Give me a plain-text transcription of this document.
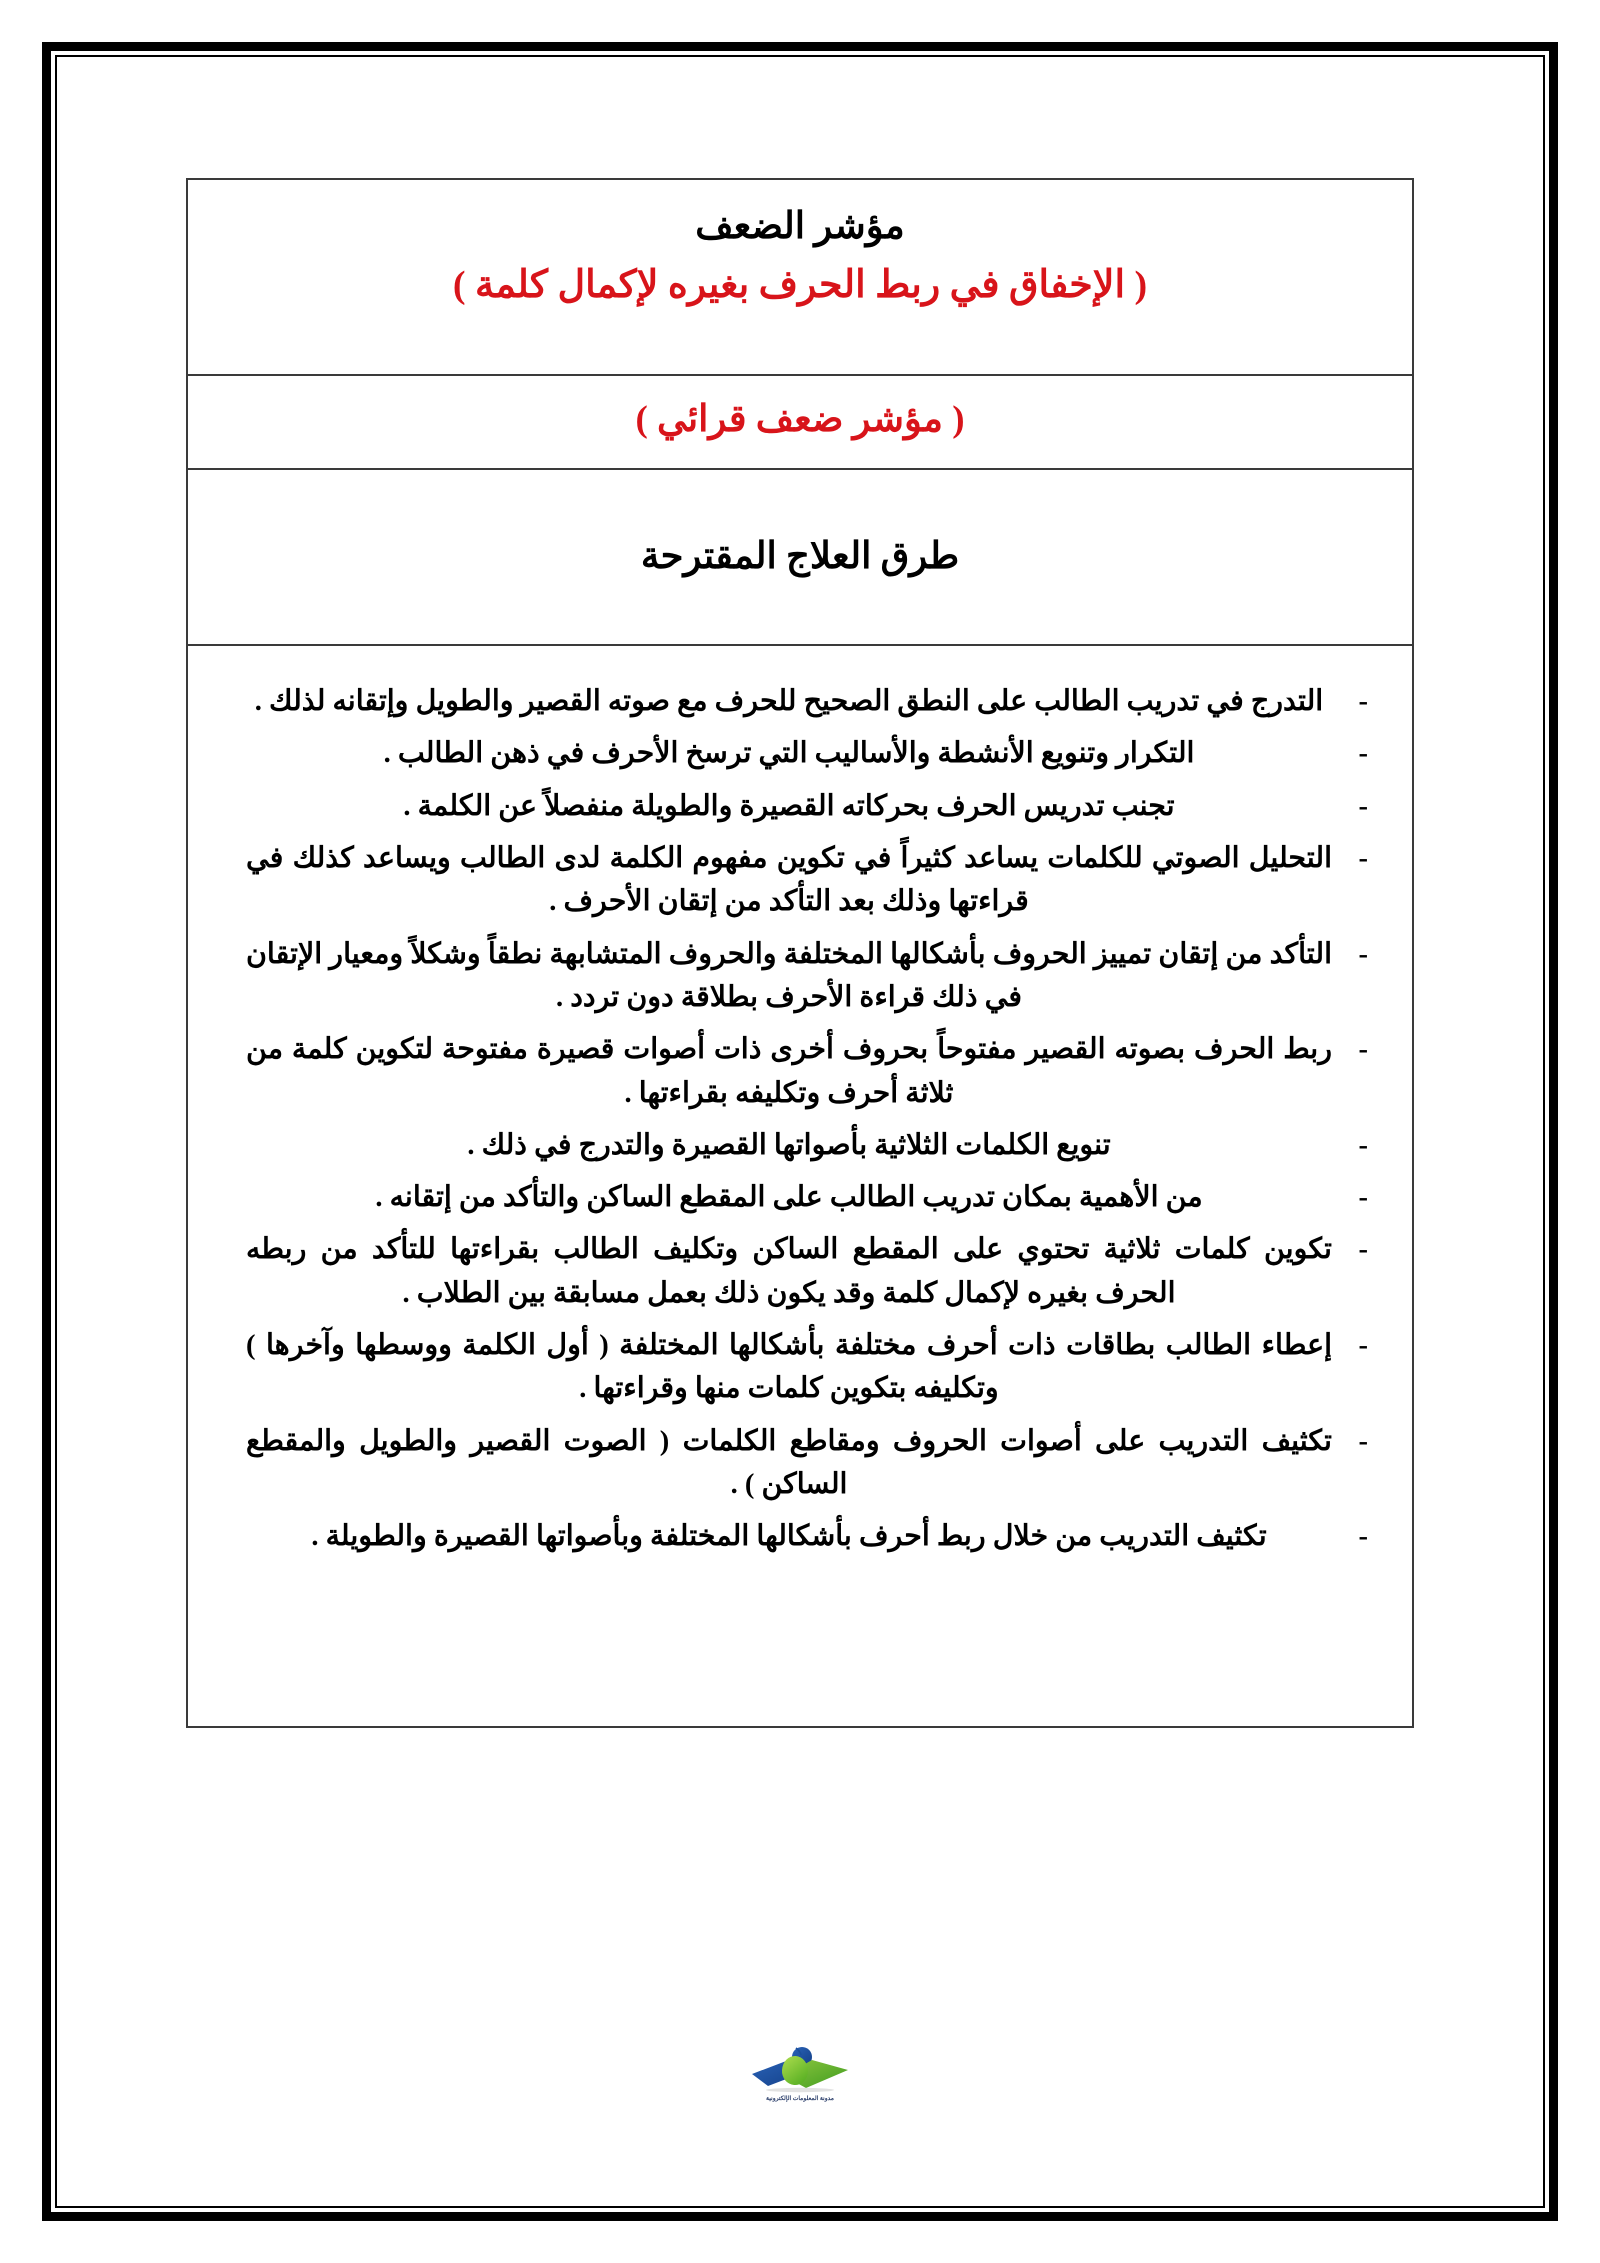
مؤشر الضعف

( الإخفاق في ربط الحرف بغيره لإكمال كلمة )

( مؤشر ضعف قرائي )

طرق العلاج المقترحة

-
التدرج في تدريب الطالب على النطق الصحيح للحرف مع صوته القصير والطويل وإتقانه لذلك .
-
التكرار وتنويع الأنشطة والأساليب التي ترسخ الأحرف في ذهن الطالب .
-
تجنب تدريس الحرف بحركاته القصيرة والطويلة منفصلاً عن الكلمة .
-
التحليل الصوتي للكلمات يساعد كثيراً في تكوين مفهوم الكلمة لدى الطالب ويساعد كذلك في قراءتها وذلك بعد التأكد من إتقان الأحرف .
-
التأكد من إتقان تمييز الحروف بأشكالها المختلفة والحروف المتشابهة نطقاً وشكلاً ومعيار الإتقان في ذلك قراءة الأحرف بطلاقة دون تردد .
-
ربط الحرف بصوته القصير مفتوحاً بحروف أخرى ذات أصوات قصيرة مفتوحة لتكوين كلمة من ثلاثة أحرف وتكليفه بقراءتها .
-
تنويع الكلمات الثلاثية بأصواتها القصيرة والتدرج في ذلك .
-
من الأهمية بمكان تدريب الطالب على المقطع الساكن والتأكد من إتقانه .
-
تكوين كلمات ثلاثية تحتوي على المقطع الساكن وتكليف الطالب بقراءتها للتأكد من ربطه الحرف بغيره لإكمال كلمة وقد يكون ذلك بعمل مسابقة بين الطلاب .
-
إعطاء الطالب بطاقات ذات أحرف مختلفة بأشكالها المختلفة ( أول الكلمة ووسطها وآخرها ) وتكليفه بتكوين كلمات منها وقراءتها .
-
تكثيف التدريب على أصوات الحروف ومقاطع الكلمات ( الصوت القصير والطويل والمقطع الساكن ) .
-
تكثيف التدريب من خلال ربط أحرف بأشكالها المختلفة وبأصواتها القصيرة والطويلة .
مدونة المعلومات الإلكترونية
